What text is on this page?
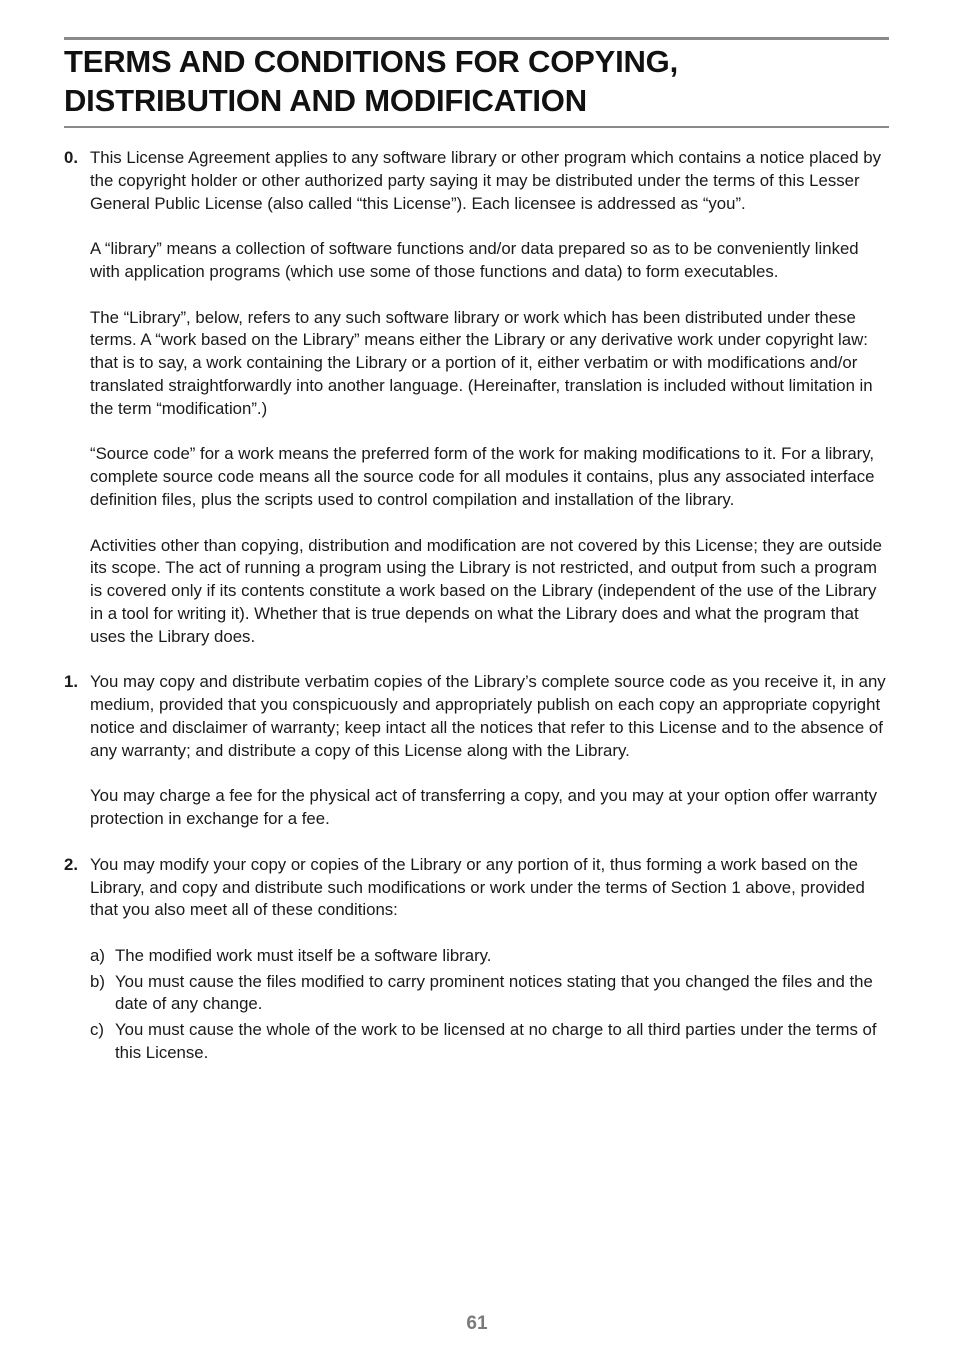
TERMS AND CONDITIONS FOR COPYING, DISTRIBUTION AND MODIFICATION
0. This License Agreement applies to any software library or other program which contains a notice placed by the copyright holder or other authorized party saying it may be distributed under the terms of this Lesser General Public License (also called “this License”). Each licensee is addressed as “you”.

A “library” means a collection of software functions and/or data prepared so as to be conveniently linked with application programs (which use some of those functions and data) to form executables.

The “Library”, below, refers to any such software library or work which has been distributed under these terms. A “work based on the Library” means either the Library or any derivative work under copyright law: that is to say, a work containing the Library or a portion of it, either verbatim or with modifications and/or translated straightforwardly into another language. (Hereinafter, translation is included without limitation in the term “modification”.)

“Source code” for a work means the preferred form of the work for making modifications to it. For a library, complete source code means all the source code for all modules it contains, plus any associated interface definition files, plus the scripts used to control compilation and installation of the library.

Activities other than copying, distribution and modification are not covered by this License; they are outside its scope. The act of running a program using the Library is not restricted, and output from such a program is covered only if its contents constitute a work based on the Library (independent of the use of the Library in a tool for writing it). Whether that is true depends on what the Library does and what the program that uses the Library does.

1. You may copy and distribute verbatim copies of the Library’s complete source code as you receive it, in any medium, provided that you conspicuously and appropriately publish on each copy an appropriate copyright notice and disclaimer of warranty; keep intact all the notices that refer to this License and to the absence of any warranty; and distribute a copy of this License along with the Library.

You may charge a fee for the physical act of transferring a copy, and you may at your option offer warranty protection in exchange for a fee.

2. You may modify your copy or copies of the Library or any portion of it, thus forming a work based on the Library, and copy and distribute such modifications or work under the terms of Section 1 above, provided that you also meet all of these conditions:

a) The modified work must itself be a software library.
b) You must cause the files modified to carry prominent notices stating that you changed the files and the date of any change.
c) You must cause the whole of the work to be licensed at no charge to all third parties under the terms of this License.
61
